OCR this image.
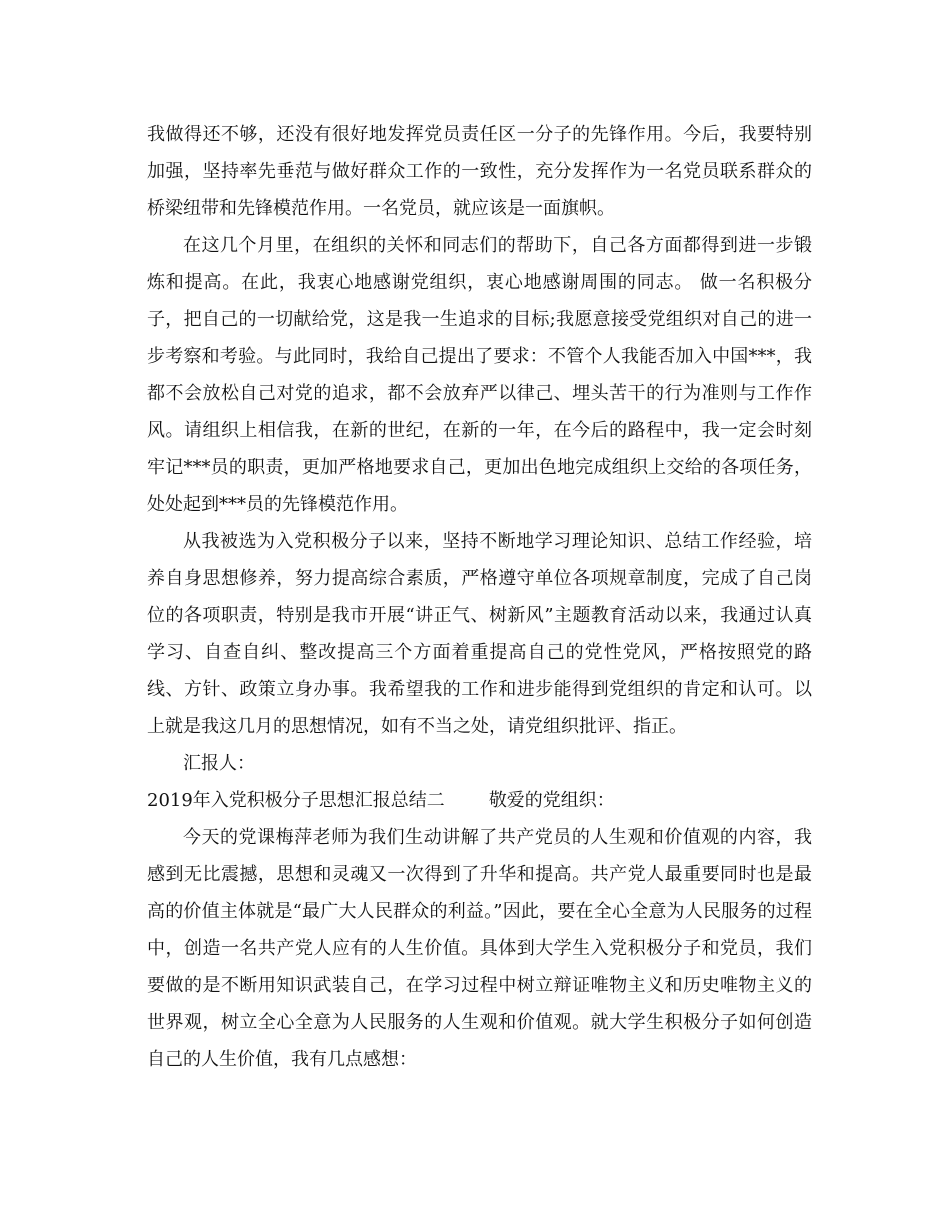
我做得还不够，还没有很好地发挥党员责任区一分子的先锋作用。今后，我要特别加强，坚持率先垂范与做好群众工作的一致性，充分发挥作为一名党员联系群众的桥梁纽带和先锋模范作用。一名党员，就应该是一面旗帜。

在这几个月里，在组织的关怀和同志们的帮助下，自己各方面都得到进一步锻炼和提高。在此，我衷心地感谢党组织，衷心地感谢周围的同志。 做一名积极分子，把自己的一切献给党，这是我一生追求的目标;我愿意接受党组织对自己的进一步考察和考验。与此同时，我给自己提出了要求：不管个人我能否加入中国***，我都不会放松自己对党的追求，都不会放弃严以律己、埋头苦干的行为准则与工作作风。请组织上相信我，在新的世纪，在新的一年，在今后的路程中，我一定会时刻牢记***员的职责，更加严格地要求自己，更加出色地完成组织上交给的各项任务，处处起到***员的先锋模范作用。

从我被选为入党积极分子以来，坚持不断地学习理论知识、总结工作经验，培养自身思想修养，努力提高综合素质，严格遵守单位各项规章制度，完成了自己岗位的各项职责，特别是我市开展“讲正气、树新风”主题教育活动以来，我通过认真学习、自查自纠、整改提高三个方面着重提高自己的党性党风，严格按照党的路线、方针、政策立身办事。我希望我的工作和进步能得到党组织的肯定和认可。以上就是我这几月的思想情况，如有不当之处，请党组织批评、指正。

汇报人：

2019年入党积极分子思想汇报总结二 敬爱的党组织：

今天的党课梅萍老师为我们生动讲解了共产党员的人生观和价值观的内容，我感到无比震撼，思想和灵魂又一次得到了升华和提高。共产党人最重要同时也是最高的价值主体就是“最广大人民群众的利益。”因此，要在全心全意为人民服务的过程中，创造一名共产党人应有的人生价值。具体到大学生入党积极分子和党员，我们要做的是不断用知识武装自己，在学习过程中树立辩证唯物主义和历史唯物主义的世界观，树立全心全意为人民服务的人生观和价值观。就大学生积极分子如何创造自己的人生价值，我有几点感想：
